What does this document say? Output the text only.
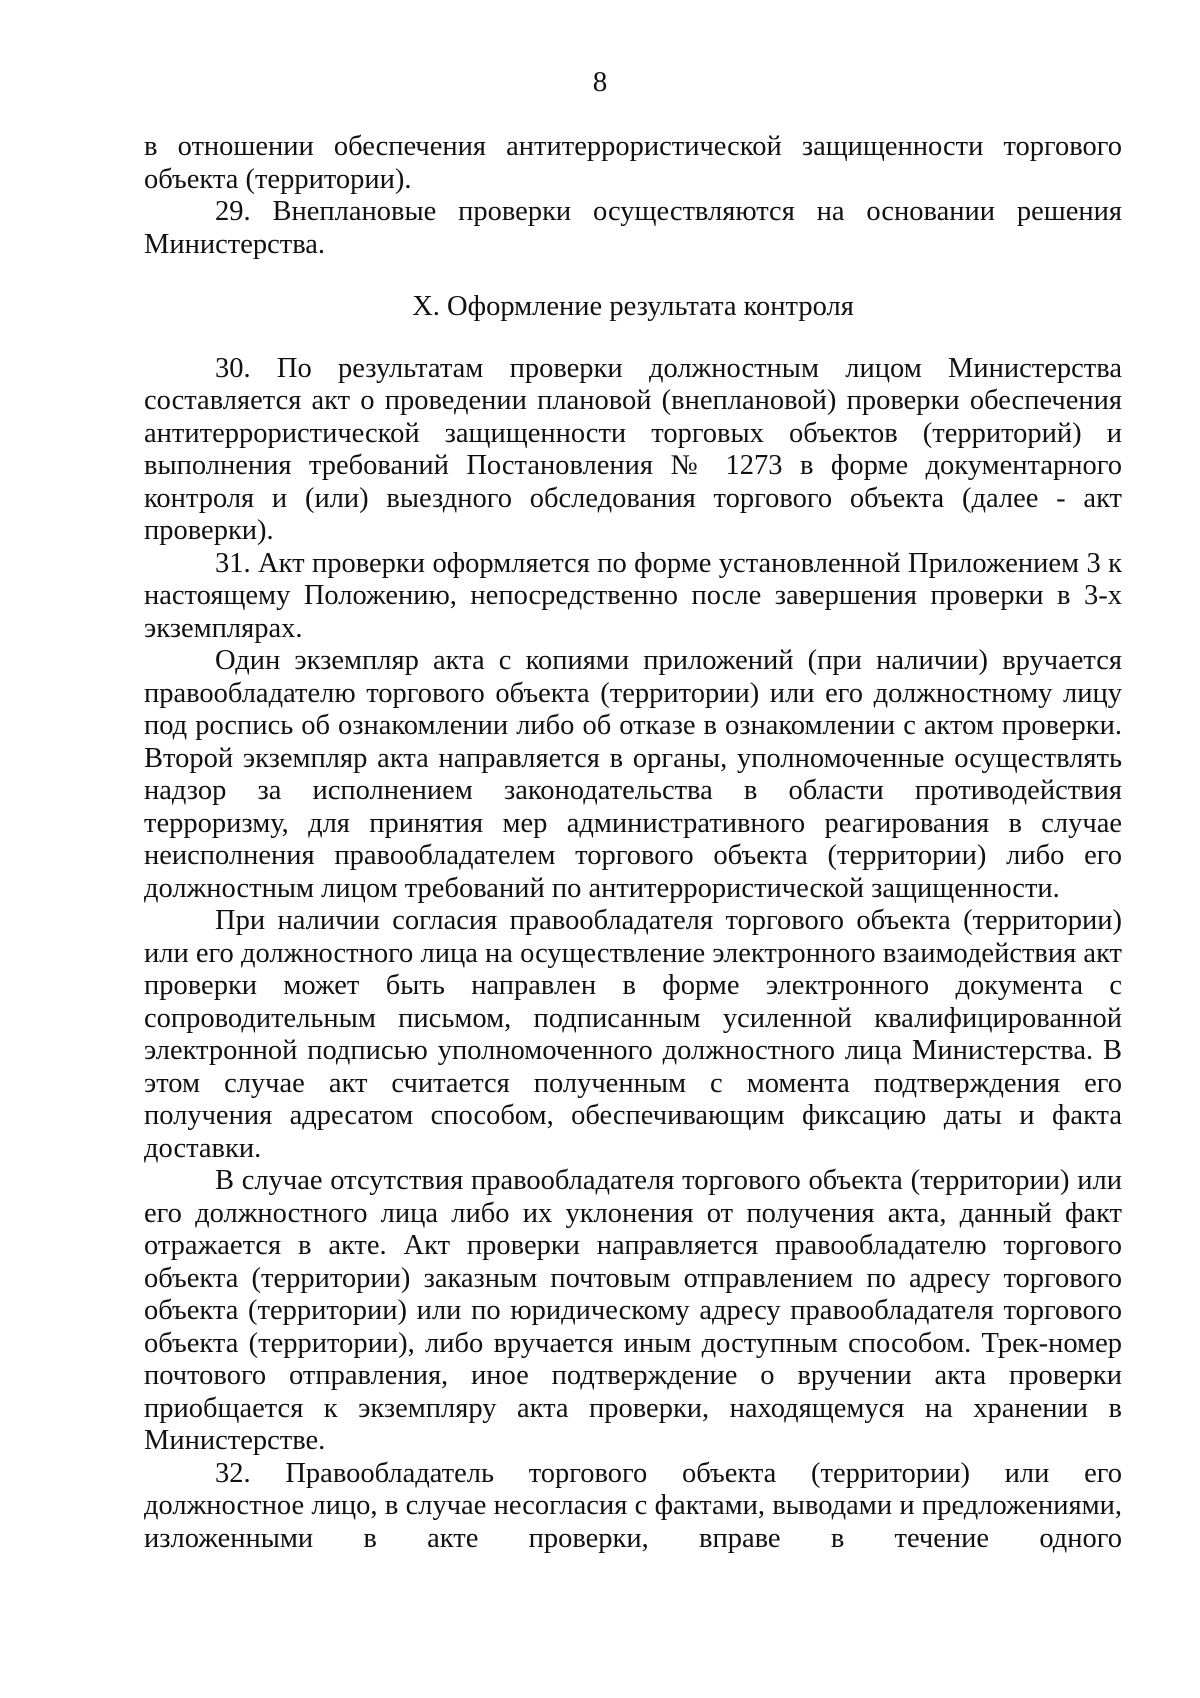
8

в отношении обеспечения антитеррористической защищенности торгового объекта (территории).

29. Внеплановые проверки осуществляются на основании решения Министерства.

X. Оформление результата контроля

30. По результатам проверки должностным лицом Министерства составляется акт о проведении плановой (внеплановой) проверки обеспечения антитеррористической защищенности торговых объектов (территорий) и выполнения требований Постановления № 1273 в форме документарного контроля и (или) выездного обследования торгового объекта (далее - акт проверки).

31. Акт проверки оформляется по форме установленной Приложением 3 к настоящему Положению, непосредственно после завершения проверки в 3-х экземплярах.

Один экземпляр акта с копиями приложений (при наличии) вручается правообладателю торгового объекта (территории) или его должностному лицу под роспись об ознакомлении либо об отказе в ознакомлении с актом проверки. Второй экземпляр акта направляется в органы, уполномоченные осуществлять надзор за исполнением законодательства в области противодействия терроризму, для принятия мер административного реагирования в случае неисполнения правообладателем торгового объекта (территории) либо его должностным лицом требований по антитеррористической защищенности.

При наличии согласия правообладателя торгового объекта (территории) или его должностного лица на осуществление электронного взаимодействия акт проверки может быть направлен в форме электронного документа с сопроводительным письмом, подписанным усиленной квалифицированной электронной подписью уполномоченного должностного лица Министерства. В этом случае акт считается полученным с момента подтверждения его получения адресатом способом, обеспечивающим фиксацию даты и факта доставки.

В случае отсутствия правообладателя торгового объекта (территории) или его должностного лица либо их уклонения от получения акта, данный факт отражается в акте. Акт проверки направляется правообладателю торгового объекта (территории) заказным почтовым отправлением по адресу торгового объекта (территории) или по юридическому адресу правообладателя торгового объекта (территории), либо вручается иным доступным способом. Трек-номер почтового отправления, иное подтверждение о вручении акта проверки приобщается к экземпляру акта проверки, находящемуся на хранении в Министерстве.

32. Правообладатель торгового объекта (территории) или его должностное лицо, в случае несогласия с фактами, выводами и предложениями, изложенными в акте проверки, вправе в течение одного
